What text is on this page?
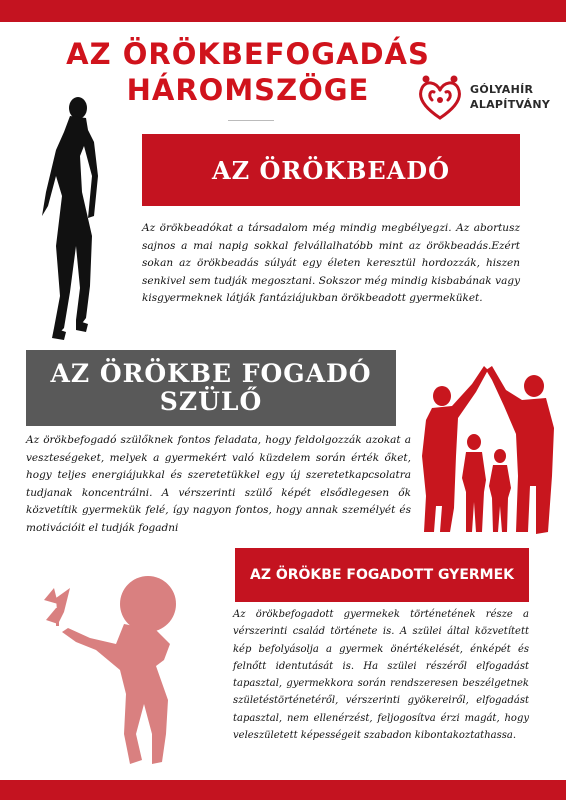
AZ ÖRÖKBEFOGADÁS
HÁROMSZÖGE	GÓLYAHÍR
ALAPÍTVÁNY
AZ ÖRÖKBEADÓ
Az örökbeadókat a társadalom még mindig megbélyegzi. Az abortusz sajnos a mai napig sokkal felvállalhatóbb mint az örökbeadás.Ezért sokan az örökbeadás súlyát egy életen keresztül hordozzák, hiszen senkivel sem tudják megosztani. Sokszor még mindig kisbabának vagy kisgyermeknek látják fantáziájukban örökbeadott gyermeküket.
AZ ÖRÖKBE FOGADÓ
SZÜLŐ
Az örökbefogadó szülőknek fontos feladata, hogy feldolgozzák azokat a veszteségeket, melyek a gyermekért való küzdelem során érték őket, hogy teljes energiájukkal és szeretetükkel egy új szeretetkapcsolatra tudjanak koncentrálni. A vérszerinti szülő képét elsődlegesen ők közvetítik gyermekük felé, így nagyon fontos, hogy annak személyét és motivációit el tudják fogadni
AZ ÖRÖKBE FOGADOTT GYERMEK
Az örökbefogadott gyermekek történetének része a vérszerinti család története is. A szülei által közvetített kép befolyásolja a gyermek önértékelését, énképét és felnőtt identutását is. Ha szülei részéről elfogadást tapasztal, gyermekkora során rendszeresen beszélgetnek születéstörténetéről, vérszerinti gyökereiről, elfogadást tapasztal, nem ellenérzést, feljogosítva érzi magát, hogy veleszületett képességeit szabadon kibontakoztathassa.
